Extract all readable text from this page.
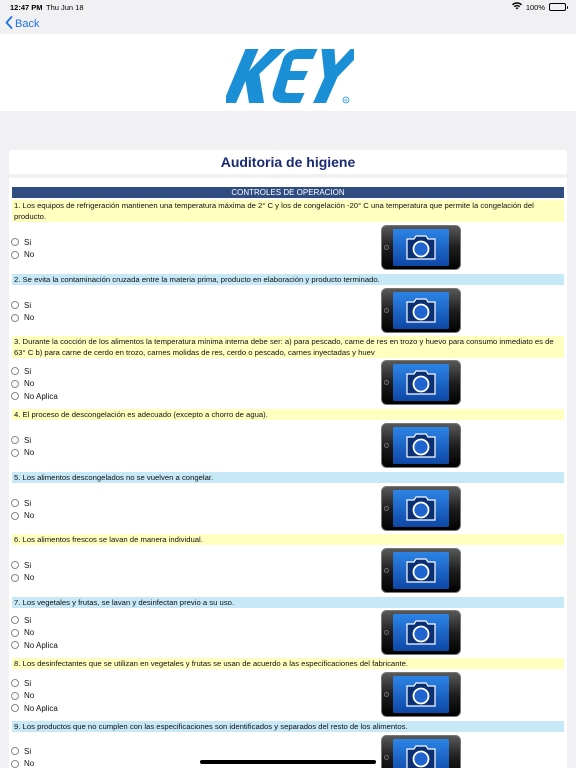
12:47 PM Thu Jun 18	100%
Back
R
Auditoria de higiene
CONTROLES DE OPERACION
1. Los equipos de refrigeración mantienen una temperatura máxima de 2° C y los de congelación -20° C una temperatura que permite la congelación del producto.
Si
No
2. Se evita la contaminación cruzada entre la materia prima, producto en elaboración y producto terminado.
Si
No
3. Durante la cocción de los alimentos la temperatura mínima interna debe ser: a) para pescado, carne de res en trozo y huevo para consumo inmediato es de 63° C b) para carne de cerdo en trozo, carnes molidas de res, cerdo o pescado, carnes inyectadas y huev
Si
No
No Aplica
4. El proceso de descongelación es adecuado (excepto a chorro de agua).
Si
No
5. Los alimentos descongelados no se vuelven a congelar.
Si
No
6. Los alimentos frescos se lavan de manera individual.
Si
No
7. Los vegetales y frutas, se lavan y desinfectan previo a su uso.
Si
No
No Aplica
8. Los desinfectantes que se utilizan en vegetales y frutas se usan de acuerdo a las especificaciones del fabricante.
Si
No
No Aplica
9. Los productos que no cumplen con las especificaciones son identificados y separados del resto de los alimentos.
Si
No
